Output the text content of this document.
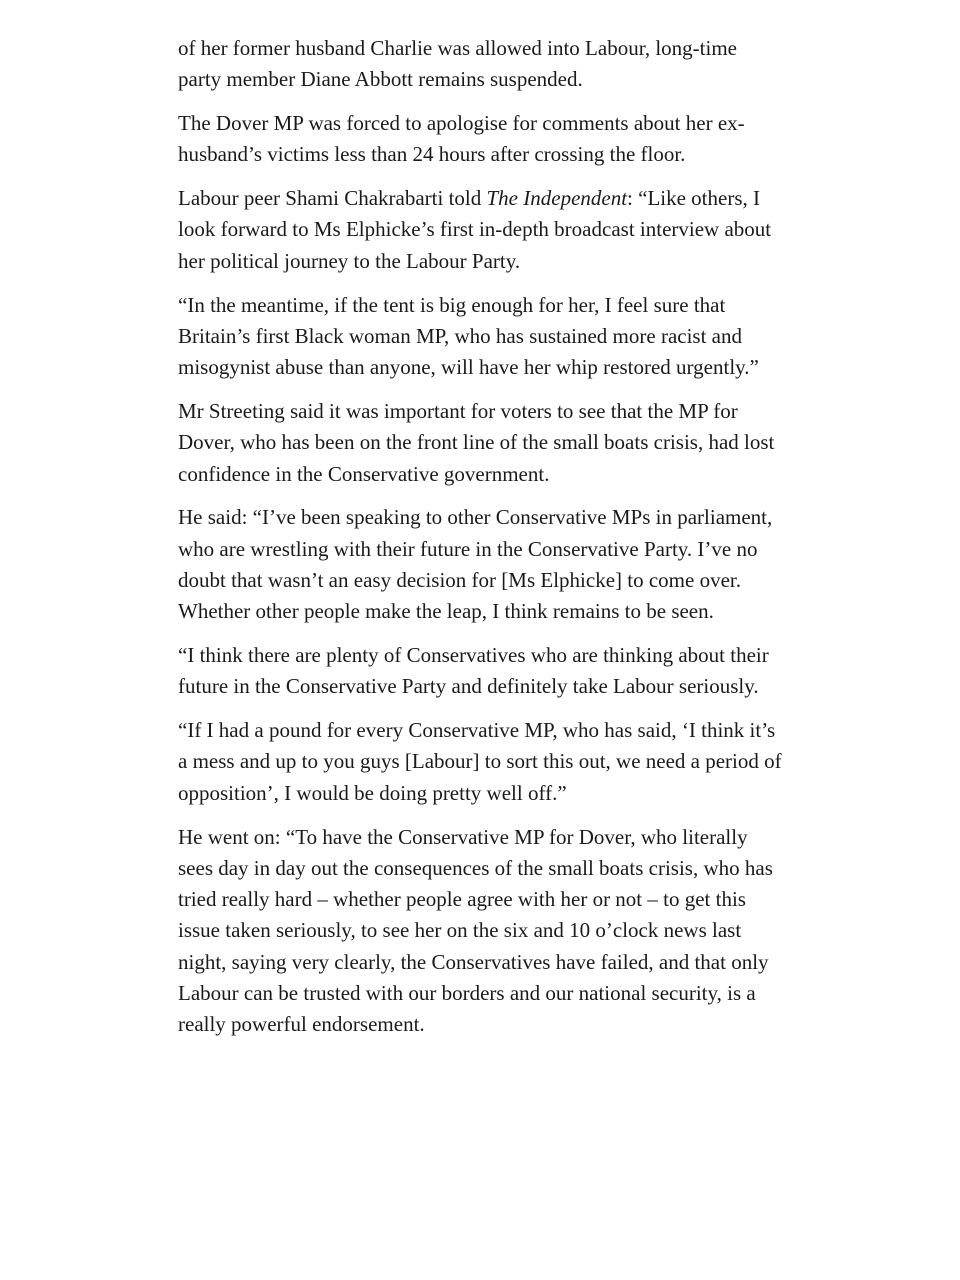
of her former husband Charlie was allowed into Labour, long-time party member Diane Abbott remains suspended.

The Dover MP was forced to apologise for comments about her ex-husband’s victims less than 24 hours after crossing the floor.

Labour peer Shami Chakrabarti told The Independent: “Like others, I look forward to Ms Elphicke’s first in-depth broadcast interview about her political journey to the Labour Party.

“In the meantime, if the tent is big enough for her, I feel sure that Britain’s first Black woman MP, who has sustained more racist and misogynist abuse than anyone, will have her whip restored urgently.”

Mr Streeting said it was important for voters to see that the MP for Dover, who has been on the front line of the small boats crisis, had lost confidence in the Conservative government.

He said: “I’ve been speaking to other Conservative MPs in parliament, who are wrestling with their future in the Conservative Party. I’ve no doubt that wasn’t an easy decision for [Ms Elphicke] to come over. Whether other people make the leap, I think remains to be seen.

“I think there are plenty of Conservatives who are thinking about their future in the Conservative Party and definitely take Labour seriously.

“If I had a pound for every Conservative MP, who has said, ‘I think it’s a mess and up to you guys [Labour] to sort this out, we need a period of opposition’, I would be doing pretty well off.”

He went on: “To have the Conservative MP for Dover, who literally sees day in day out the consequences of the small boats crisis, who has tried really hard – whether people agree with her or not – to get this issue taken seriously, to see her on the six and 10 o’clock news last night, saying very clearly, the Conservatives have failed, and that only Labour can be trusted with our borders and our national security, is a really powerful endorsement.
